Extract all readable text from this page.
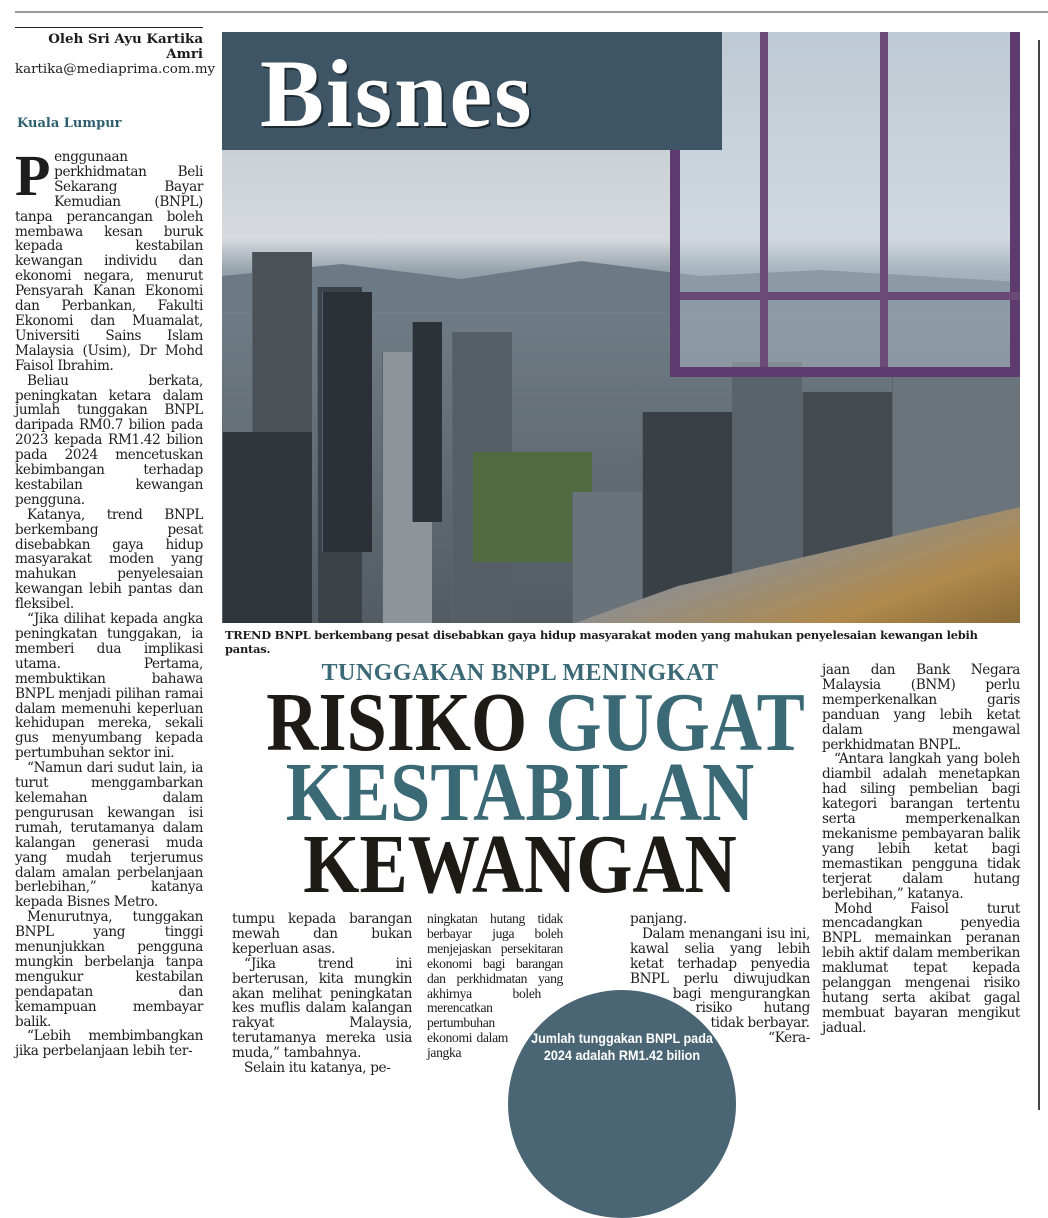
Oleh Sri Ayu Kartika Amri
kartika@mediaprima.com.my
Kuala Lumpur

Penggunaan perkhidmatan Beli Sekarang Bayar Kemudian (BNPL) tanpa perancangan boleh membawa kesan buruk kepada kestabilan kewangan individu dan ekonomi negara, menurut Pensyarah Kanan Ekonomi dan Perbankan, Fakulti Ekonomi dan Muamalat, Universiti Sains Islam Malaysia (Usim), Dr Mohd Faisol Ibrahim.

Beliau berkata, peningkatan ketara dalam jumlah tunggakan BNPL daripada RM0.7 bilion pada 2023 kepada RM1.42 bilion pada 2024 mencetuskan kebimbangan terhadap kestabilan kewangan pengguna.

Katanya, trend BNPL berkembang pesat disebabkan gaya hidup masyarakat moden yang mahukan penyelesaian kewangan lebih pantas dan fleksibel.

“Jika dilihat kepada angka peningkatan tunggakan, ia memberi dua implikasi utama. Pertama, membuktikan bahawa BNPL menjadi pilihan ramai dalam memenuhi keperluan kehidupan mereka, sekali gus menyumbang kepada pertumbuhan sektor ini.

“Namun dari sudut lain, ia turut menggambarkan kelemahan dalam pengurusan kewangan isi rumah, terutamanya dalam kalangan generasi muda yang mudah terjerumus dalam amalan perbelanjaan berlebihan,” katanya kepada Bisnes Metro.

Menurutnya, tunggakan BNPL yang tinggi menunjukkan pengguna mungkin berbelanja tanpa mengukur kestabilan pendapatan dan kemampuan membayar balik.

“Lebih membimbangkan jika perbelanjaan lebih ter-

Bisnes
TREND BNPL berkembang pesat disebabkan gaya hidup masyarakat moden yang mahukan penyelesaian kewangan lebih pantas.
TUNGGAKAN BNPL MENINGKAT
RISIKO GUGAT
KESTABILAN
KEWANGAN

tumpu kepada barangan mewah dan bukan keperluan asas.

“Jika trend ini berterusan, kita mungkin akan melihat peningkatan kes muflis dalam kalangan rakyat Malaysia, terutamanya mereka usia muda,” tambahnya.

Selain itu katanya, pe-

ningkatan hutang tidak berbayar juga boleh menjejaskan persekitaran ekonomi bagi barangan dan perkhidmatan yang akhirnya boleh merencatkan pertumbuhan ekonomi dalam jangka

panjang.

Dalam menangani isu ini, kawal selia yang lebih ketat terhadap penyedia BNPL perlu diwujudkan bagi mengurangkan risiko hutang tidak berbayar.

“Kera-

Jumlah tunggakan BNPL pada 2024 adalah RM1.42 bilion

jaan dan Bank Negara Malaysia (BNM) perlu memperkenalkan garis panduan yang lebih ketat dalam mengawal perkhidmatan BNPL.

“Antara langkah yang boleh diambil adalah menetapkan had siling pembelian bagi kategori barangan tertentu serta memperkenalkan mekanisme pembayaran balik yang lebih ketat bagi memastikan pengguna tidak terjerat dalam hutang berlebihan,” katanya.

Mohd Faisol turut mencadangkan penyedia BNPL memainkan peranan lebih aktif dalam memberikan maklumat tepat kepada pelanggan mengenai risiko hutang serta akibat gagal membuat bayaran mengikut jadual.
